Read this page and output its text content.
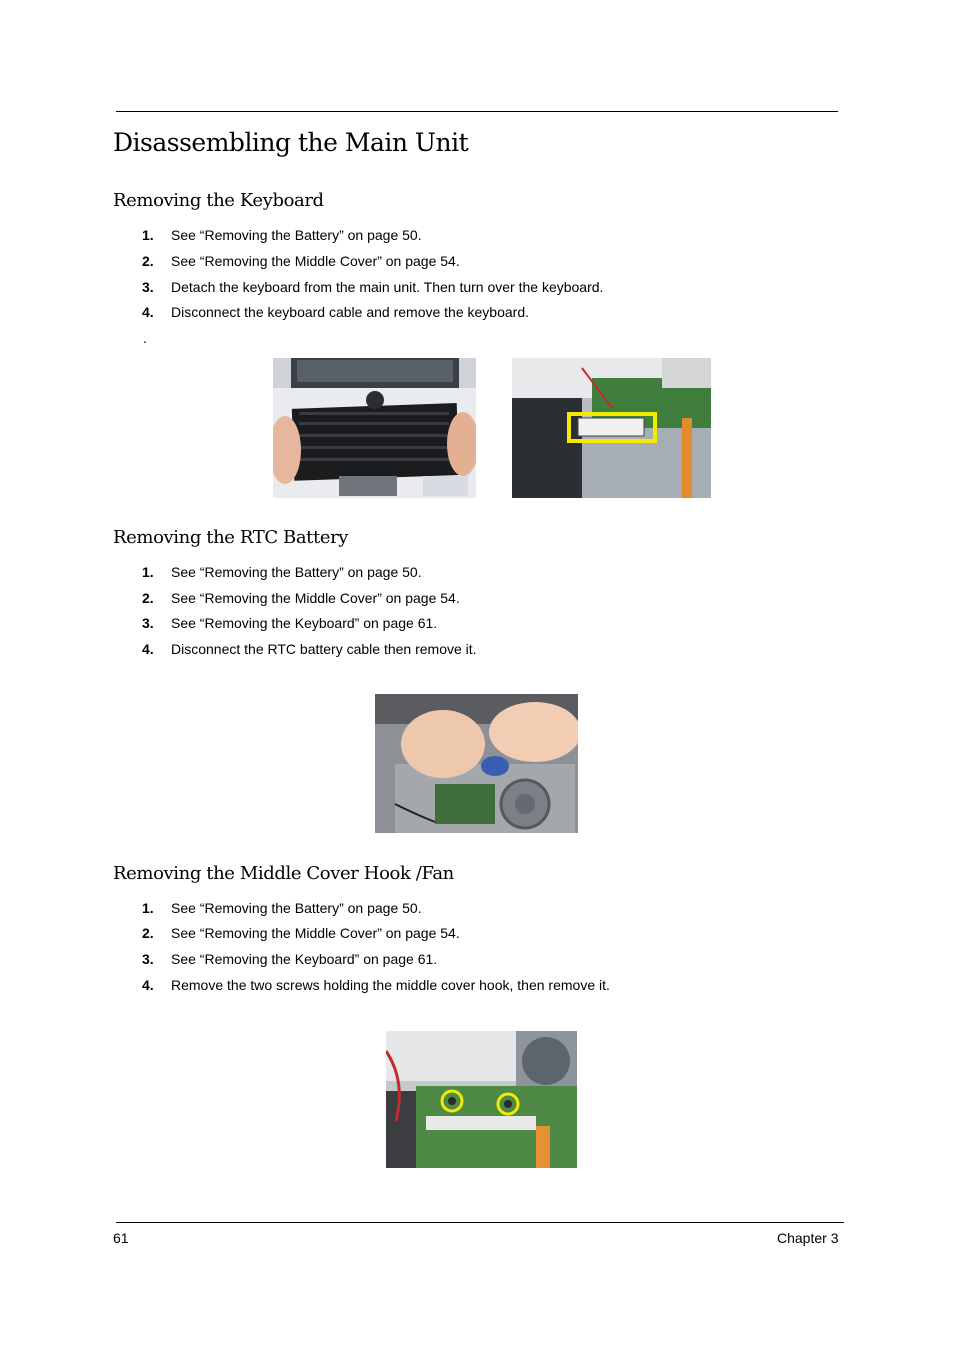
Disassembling the Main Unit
Removing the Keyboard
1. See “Removing the Battery” on page 50.
2. See “Removing the Middle Cover” on page 54.
3. Detach the keyboard from the main unit. Then turn over the keyboard.
4. Disconnect the keyboard cable and remove the keyboard.
.
Removing the RTC Battery
1. See “Removing the Battery” on page 50.
2. See “Removing the Middle Cover” on page 54.
3. See “Removing the Keyboard” on page 61.
4. Disconnect the RTC battery cable then remove it.
Removing the Middle Cover Hook /Fan
1. See “Removing the Battery” on page 50.
2. See “Removing the Middle Cover” on page 54.
3. See “Removing the Keyboard” on page 61.
4. Remove the two screws holding the middle cover hook, then remove it.
61	Chapter 3
